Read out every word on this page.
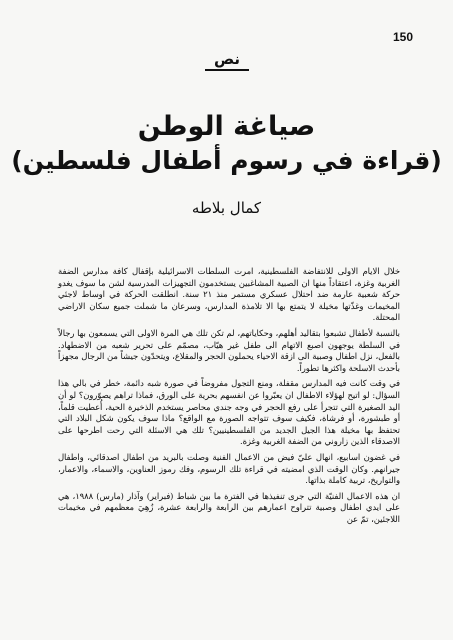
150
نص
صياغة الوطن
(قراءة في رسوم أطفال فلسطين)
كمال بلاطه

خلال الايام الاولى للانتفاضة الفلسطينية، امرت السلطات الاسرائيلية بإقفال كافة مدارس الضفة الغربية وغزة، اعتقاداً منها ان الصبية المشاغبين يستخدمون التجهيزات المدرسية لشن ما سوف يغدو حركة شعبية عارمة ضد احتلال عسكري مستمر منذ ٢١ سنة. انطلقت الحركة في اوساط لاجئي المخيمات وغذّتها مخيلة لا يتمتع بها الا تلامذة المدارس، وسرعان ما شملت جميع سكان الاراضي المحتلة.

بالنسبة لأطفال تشبعوا بتقاليد أهلهم، وحكاياتهم، لم تكن تلك هي المرة الاولى التي يسمعون بها رجالاً في السلطة يوجهون اصبع الاتهام الى طفل غير هيّاب، مصمّم على تحرير شعبه من الاضطهاد. بالفعل، نزل اطفال وصبية الى ازقة الاحياء يحملون الحجر والمقلاع، ويتحدّون جيشاً من الرجال مجهزاً بأحدث الاسلحة واكثرها تطوراً.

في وقت كانت فيه المدارس مقفلة، ومنع التجول مفروضاً في صورة شبه دائمة، خطر في بالي هذا السؤال: لو اتيح لهؤلاء الاطفال ان يعبّروا عن انفسهم بحرية على الورق، فماذا تراهم يصوّرون؟ لو أن اليد الصغيرة التي تتجرأ على رفع الحجر في وجه جندي محاصر يستخدم الذخيرة الحية، أُعطيت قلماً، أو طبشورة، أو فرشاة، فكيف سوف تتواجه الصورة مع الواقع؟ ماذا سوف يكون شكل البلاد التي تحتفظ بها مخيلة هذا الجيل الجديد من الفلسطينيين؟ تلك هي الاسئلة التي رحت اطرحها على الاصدقاء الذين زاروني من الضفة الغربية وغزة.

في غضون اسابيع، انهال عليّ فيض من الاعمال الفنية وصلت بالبريد من اطفال اصدقائي، واطفال جيرانهم. وكان الوقت الذي امضيته في قراءة تلك الرسوم، وفك رموز العناوين، والاسماء، والاعمار، والتواريخ، تربية كاملة بذاتها.

ان هذه الاعمال الفنيّة التي جرى تنفيذها في الفترة ما بين شباط (فبراير) وآذار (مارس) ١٩٨٨، هي على ايدي اطفال وصبية تتراوح اعمارهم بين الرابعة والرابعة عشرة، زُهِيَ معظمهم في مخيمات اللاجئين، تمّ عن
